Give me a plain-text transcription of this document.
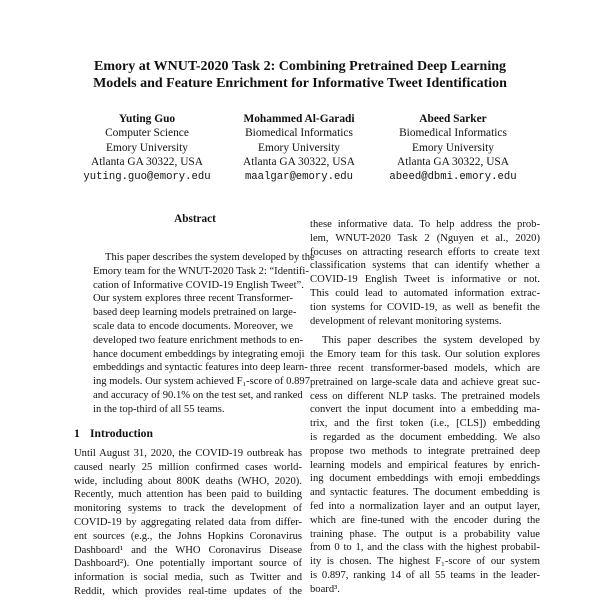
Emory at WNUT-2020 Task 2: Combining Pretrained Deep Learning
Models and Feature Enrichment for Informative Tweet Identification
Yuting Guo
Computer Science
Emory University
Atlanta GA 30322, USA
yuting.guo@emory.edu
Mohammed Al-Garadi
Biomedical Informatics
Emory University
Atlanta GA 30322, USA
maalgar@emory.edu
Abeed Sarker
Biomedical Informatics
Emory University
Atlanta GA 30322, USA
abeed@dbmi.emory.edu
Abstract
This paper describes the system developed by the
Emory team for the WNUT-2020 Task 2: “Identifi-
cation of Informative COVID-19 English Tweet”.
Our system explores three recent Transformer-
based deep learning models pretrained on large-
scale data to encode documents. Moreover, we
developed two feature enrichment methods to en-
hance document embeddings by integrating emoji
embeddings and syntactic features into deep learn-
ing models. Our system achieved F₁-score of 0.897
and accuracy of 90.1% on the test set, and ranked
in the top-third of all 55 teams.
1 Introduction
Until August 31, 2020, the COVID-19 outbreak has
caused nearly 25 million confirmed cases world-
wide, including about 800K deaths (WHO, 2020).
Recently, much attention has been paid to building
monitoring systems to track the development of
COVID-19 by aggregating related data from differ-
ent sources (e.g., the Johns Hopkins Coronavirus
Dashboard¹ and the WHO Coronavirus Disease
Dashboard²). One potentially important source of
information is social media, such as Twitter and
Reddit, which provides real-time updates of the
these informative data. To help address the prob-
lem, WNUT-2020 Task 2 (Nguyen et al., 2020)
focuses on attracting research efforts to create text
classification systems that can identify whether a
COVID-19 English Tweet is informative or not.
This could lead to automated information extrac-
tion systems for COVID-19, as well as benefit the
development of relevant monitoring systems.
This paper describes the system developed by
the Emory team for this task. Our solution explores
three recent transformer-based models, which are
pretrained on large-scale data and achieve great suc-
cess on different NLP tasks. The pretrained models
convert the input document into a embedding ma-
trix, and the first token (i.e., [CLS]) embedding
is regarded as the document embedding. We also
propose two methods to integrate pretrained deep
learning models and empirical features by enrich-
ing document embeddings with emoji embeddings
and syntactic features. The document embedding is
fed into a normalization layer and an output layer,
which are fine-tuned with the encoder during the
training phase. The output is a probability value
from 0 to 1, and the class with the highest probabil-
ity is chosen. The highest F₁-score of our system
is 0.897, ranking 14 of all 55 teams in the leader-
board³.
